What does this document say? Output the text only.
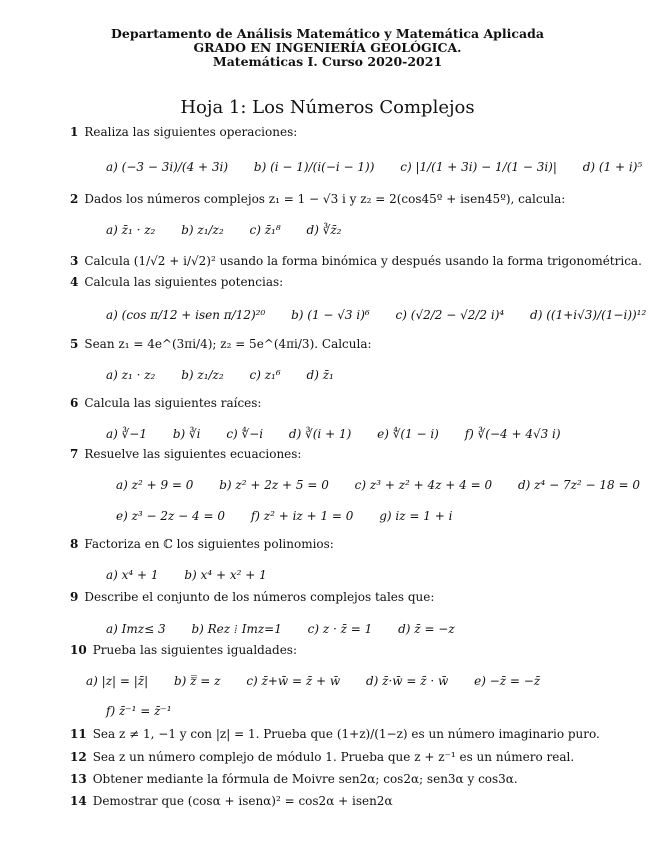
Departamento de Análisis Matemático y Matemática Aplicada
GRADO EN INGENIERÍA GEOLÓGICA.
Matemáticas I. Curso 2020-2021
Hoja 1: Los Números Complejos
1 Realiza las siguientes operaciones:
a) (−3 − 3i)/(4 + 3i) b) (i − 1)/(i(−i − 1)) c) |1/(1 + 3i) − 1/(1 − 3i)| d) (1 + i)⁵
2 Dados los números complejos z₁ = 1 − √3 i y z₂ = 2(cos45º + isen45º), calcula:
a) z̄₁ · z₂ b) z₁/z₂ c) z̄₁⁸ d) ∛z̄₂
3 Calcula (1/√2 + i/√2)² usando la forma binómica y después usando la forma trigonométrica.
4 Calcula las siguientes potencias:
a) (cos π/12 + isen π/12)²⁰ b) (1 − √3 i)⁶ c) (√2/2 − √2/2 i)⁴ d) ((1+i√3)/(1−i))¹²
5 Sean z₁ = 4e^(3πi/4); z₂ = 5e^(4πi/3). Calcula:
a) z₁ · z₂ b) z₁/z₂ c) z₁⁶ d) z̄₁
6 Calcula las siguientes raíces:
a) ∛−1 b) ∛i c) ∜−i d) ∛(i + 1) e) ∜(1 − i) f) ∛(−4 + 4√3 i)
7 Resuelve las siguientes ecuaciones:
a) z² + 9 = 0 b) z² + 2z + 5 = 0 c) z³ + z² + 4z + 4 = 0 d) z⁴ − 7z² − 18 = 0
e) z³ − 2z − 4 = 0 f) z² + iz + 1 = 0 g) iz = 1 + i
8 Factoriza en ℂ los siguientes polinomios:
a) x⁴ + 1 b) x⁴ + x² + 1
9 Describe el conjunto de los números complejos tales que:
a) Imz≤ 3 b) Rez ⁞ Imz=1 c) z · z̄ = 1 d) z̄ = −z
10 Prueba las siguientes igualdades:
a) |z| = |z̄| b) z̿ = z c) z̄+w̄ = z̄ + w̄ d) z̄·w̄ = z̄ · w̄ e) −z̄ = −z̄
f) z̄⁻¹ = z̄⁻¹
11 Sea z ≠ 1, −1 y con |z| = 1. Prueba que (1+z)/(1−z) es un número imaginario puro.
12 Sea z un número complejo de módulo 1. Prueba que z + z⁻¹ es un número real.
13 Obtener mediante la fórmula de Moivre sen2α; cos2α; sen3α y cos3α.
14 Demostrar que (cosα + isenα)² = cos2α + isen2α
